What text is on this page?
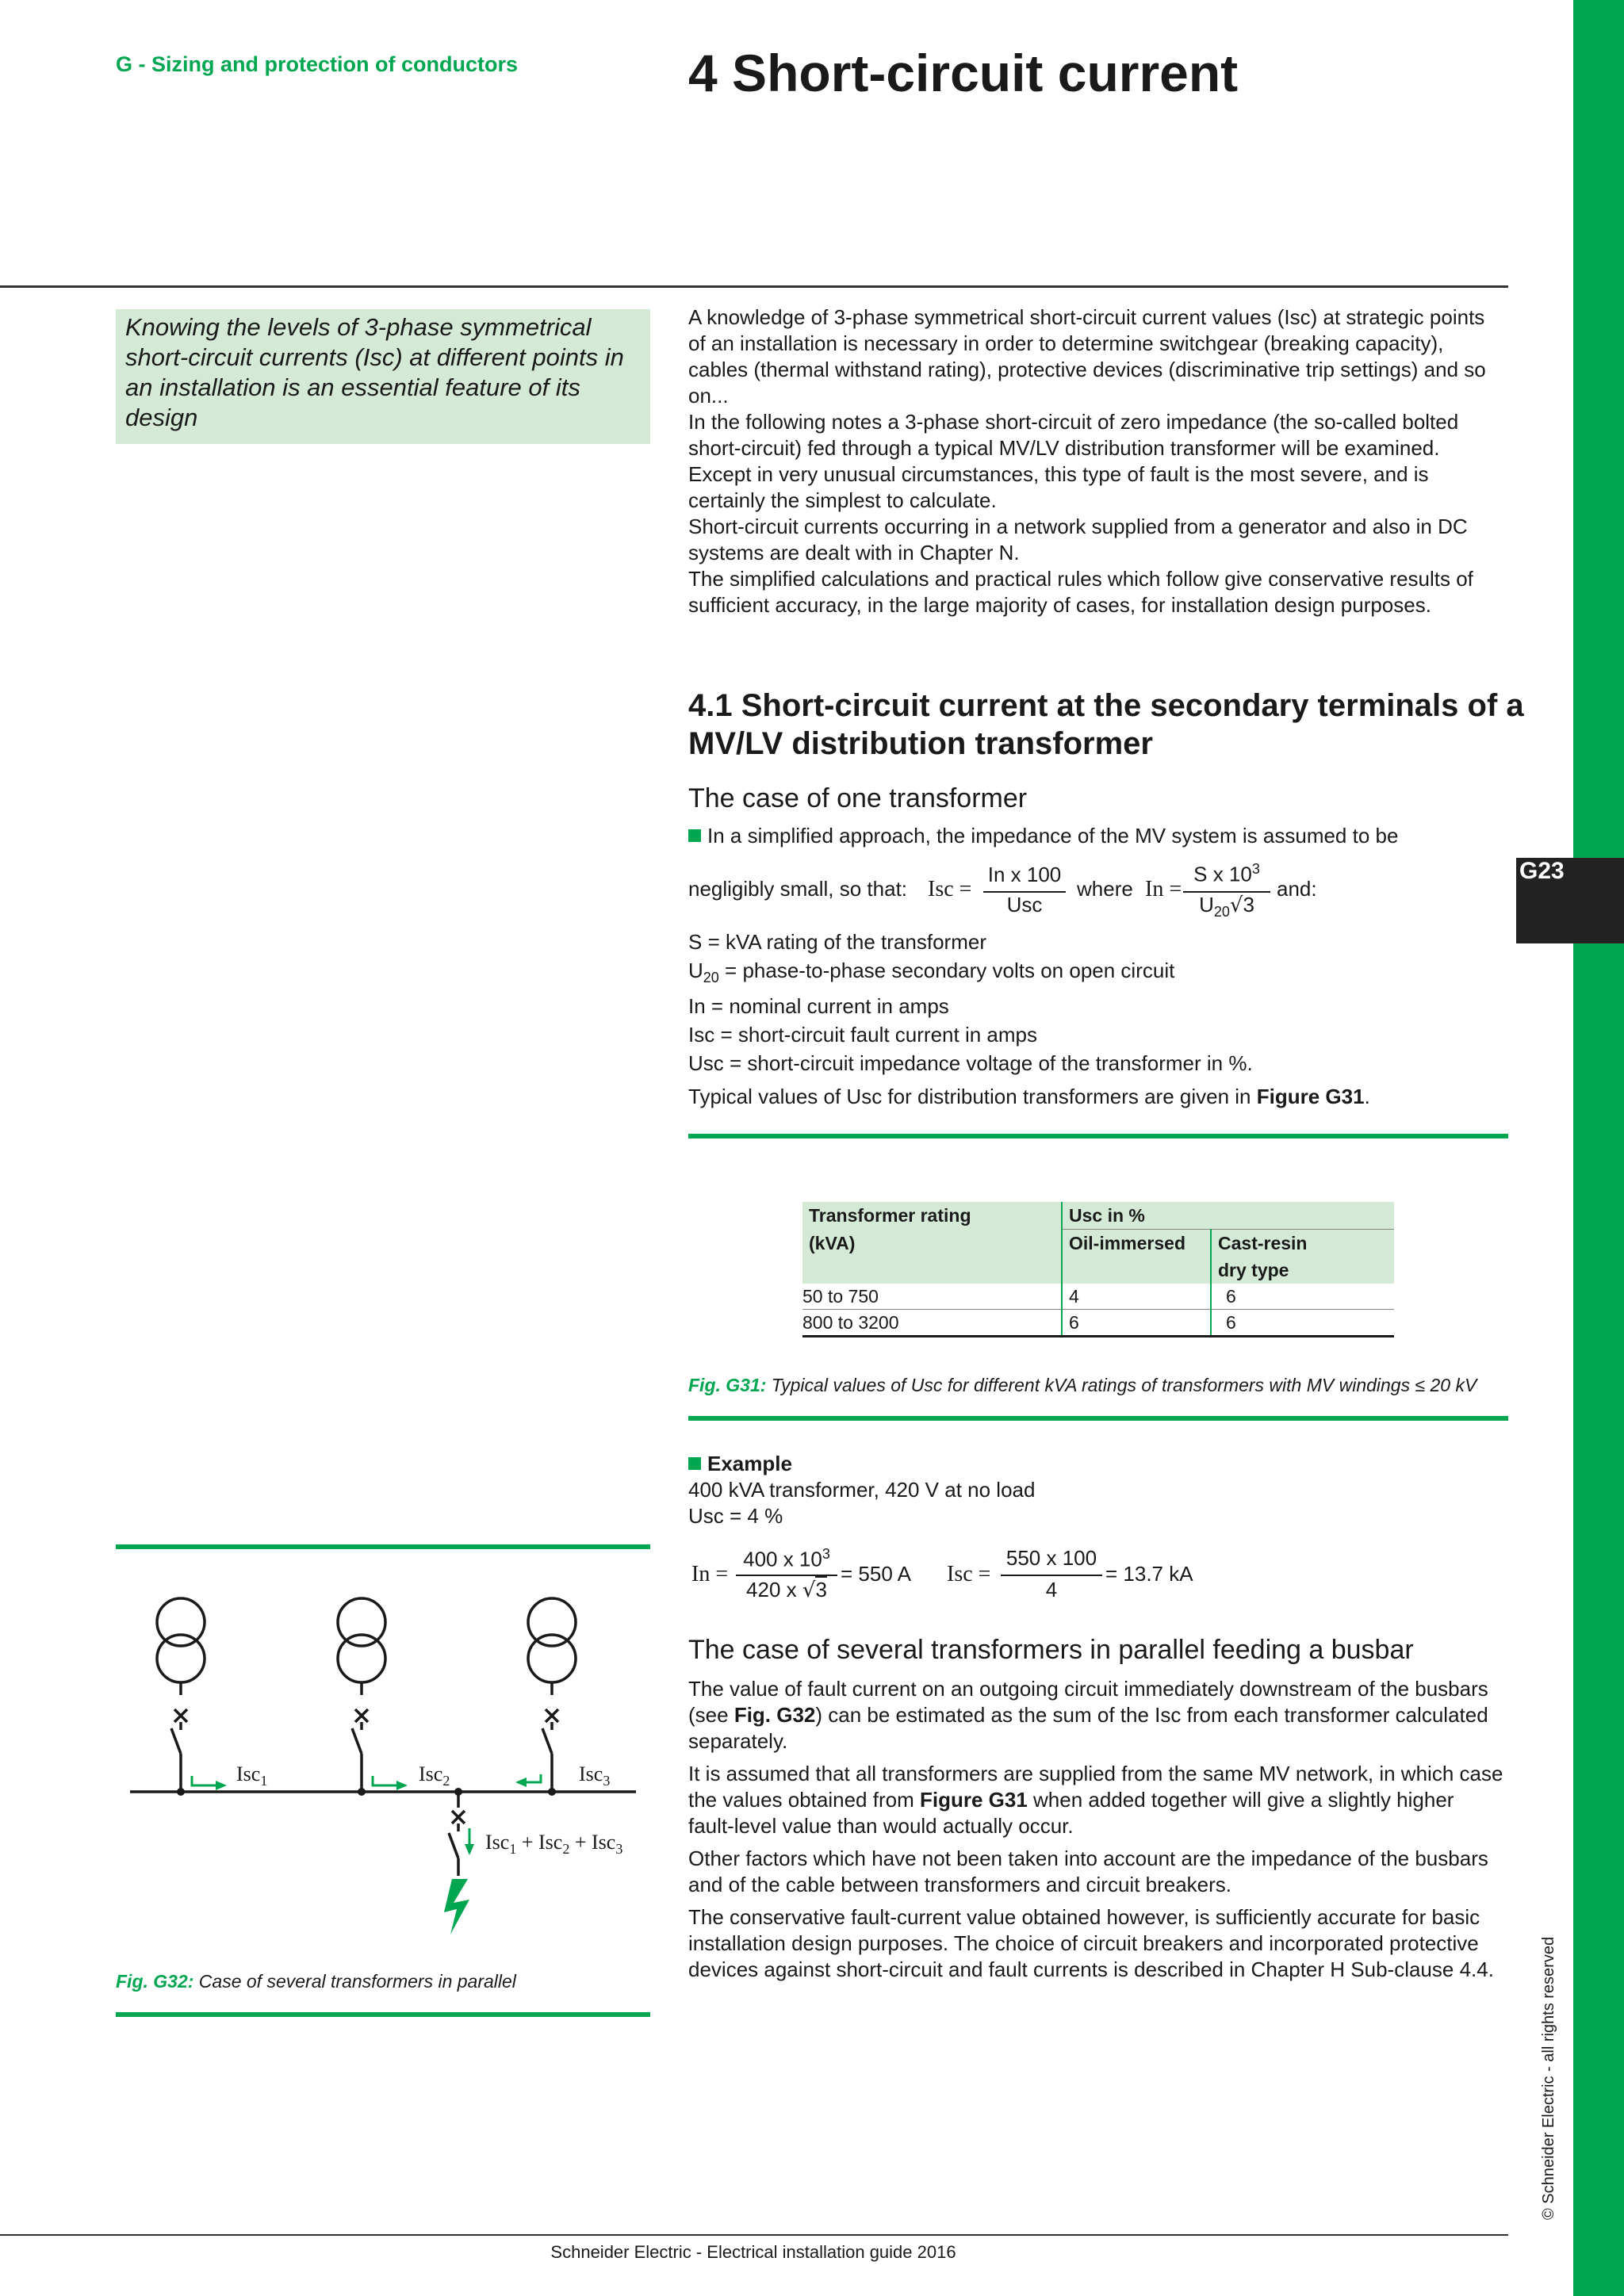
G23
G - Sizing and protection of conductors	4 Short-circuit current

Knowing the levels of 3-phase symmetrical short-circuit currents (Isc) at different points in an installation is an essential feature of its design

A knowledge of 3-phase symmetrical short-circuit current values (Isc) at strategic points of an installation is necessary in order to determine switchgear (breaking capacity), cables (thermal withstand rating), protective devices (discriminative trip settings) and so on...

In the following notes a 3-phase short-circuit of zero impedance (the so-called bolted short-circuit) fed through a typical MV/LV distribution transformer will be examined. Except in very unusual circumstances, this type of fault is the most severe, and is certainly the simplest to calculate.

Short-circuit currents occurring in a network supplied from a generator and also in DC systems are dealt with in Chapter N.

The simplified calculations and practical rules which follow give conservative results of sufficient accuracy, in the large majority of cases, for installation design purposes.

4.1 Short-circuit current at the secondary terminals of a MV/LV distribution transformer
The case of one transformer
In a simplified approach, the impedance of the MV system is assumed to be
negligibly small, so that: Isc =
In x 100
Usc
where In =
S x $10^3$
$U_{20}√3$
and:

S = kVA rating of the transformer

$U_{20}$ = phase-to-phase secondary volts on open circuit

In = nominal current in amps

Isc = short-circuit fault current in amps

Usc = short-circuit impedance voltage of the transformer in %.

Typical values of Usc for distribution transformers are given in Figure G31.

Transformer rating	Usc in %	
(kVA)	Oil-immersed	Cast-resin
dry type
50 to 750	4	6
800 to 3200	6	6
Fig. G31: Typical values of Usc for different kVA ratings of transformers with MV windings ≤ 20 kV

Example

400 kVA transformer, 420 V at no load

Usc = 4 %

In =
400 x $10^3$
420 x √3
= 550 A Isc =
550 x 100
4
= 13.7 kA
The case of several transformers in parallel feeding a busbar

The value of fault current on an outgoing circuit immediately downstream of the busbars (see Fig. G32) can be estimated as the sum of the Isc from each transformer calculated separately.

It is assumed that all transformers are supplied from the same MV network, in which case the values obtained from Figure G31 when added together will give a slightly higher fault-level value than would actually occur.

Other factors which have not been taken into account are the impedance of the busbars and of the cable between transformers and circuit breakers.

The conservative fault-current value obtained however, is sufficiently accurate for basic installation design purposes. The choice of circuit breakers and incorporated protective devices against short-circuit and fault currents is described in Chapter H Sub-clause 4.4.

Isc$_1$	Isc$_2$	Isc$_3$
Isc$_1$ + Isc$_2$ + Isc$_3$
Fig. G32: Case of several transformers in parallel
Schneider Electric - Electrical installation guide 2016
© Schneider Electric - all rights reserved
